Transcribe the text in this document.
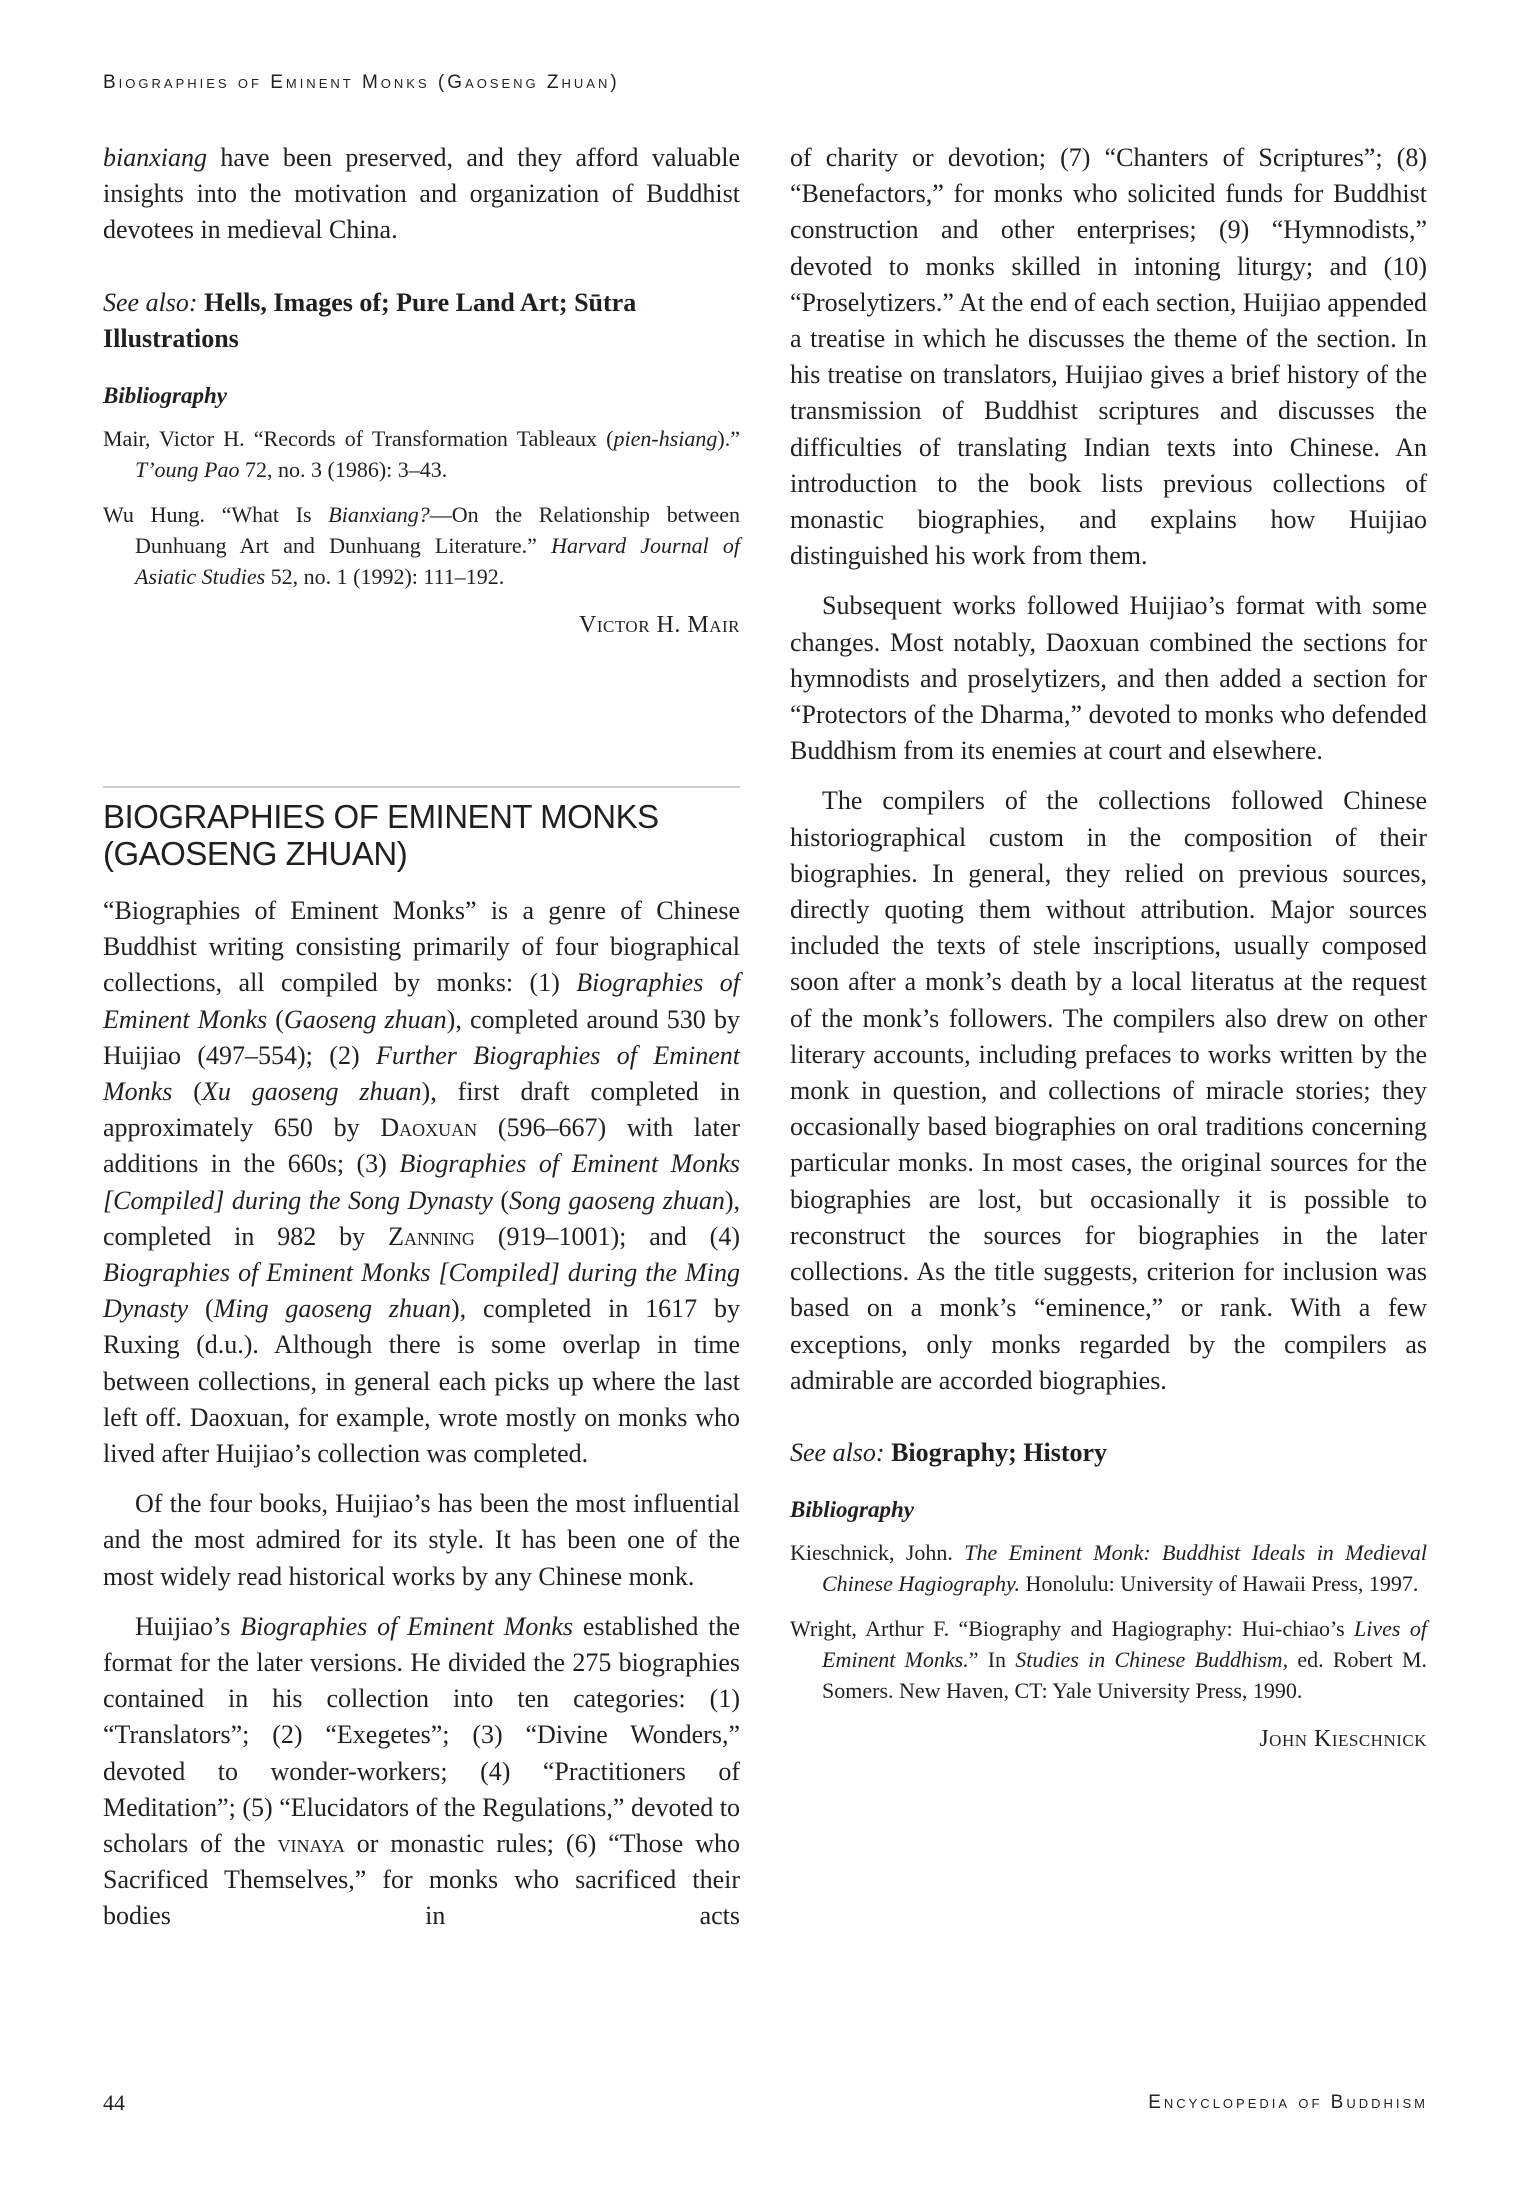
Biographies of Eminent Monks (Gaoseng Zhuan)

bianxiang have been preserved, and they afford valuable insights into the motivation and organization of Buddhist devotees in medieval China.

See also: Hells, Images of; Pure Land Art; Sūtra Illustrations
Bibliography
Mair, Victor H. “Records of Transformation Tableaux (pien-hsiang).” T’oung Pao 72, no. 3 (1986): 3–43.
Wu Hung. “What Is Bianxiang?—On the Relationship between Dunhuang Art and Dunhuang Literature.” Harvard Journal of Asiatic Studies 52, no. 1 (1992): 111–192.
Victor H. Mair
BIOGRAPHIES OF EMINENT MONKS (GAOSENG ZHUAN)

“Biographies of Eminent Monks” is a genre of Chinese Buddhist writing consisting primarily of four biographical collections, all compiled by monks: (1) Biographies of Eminent Monks (Gaoseng zhuan), completed around 530 by Huijiao (497–554); (2) Further Biographies of Eminent Monks (Xu gaoseng zhuan), first draft completed in approximately 650 by Daoxuan (596–667) with later additions in the 660s; (3) Biographies of Eminent Monks [Compiled] during the Song Dynasty (Song gaoseng zhuan), completed in 982 by Zanning (919–1001); and (4) Biographies of Eminent Monks [Compiled] during the Ming Dynasty (Ming gaoseng zhuan), completed in 1617 by Ruxing (d.u.). Although there is some overlap in time between collections, in general each picks up where the last left off. Daoxuan, for example, wrote mostly on monks who lived after Huijiao’s collection was completed.

Of the four books, Huijiao’s has been the most influential and the most admired for its style. It has been one of the most widely read historical works by any Chinese monk.

Huijiao’s Biographies of Eminent Monks established the format for the later versions. He divided the 275 biographies contained in his collection into ten categories: (1) “Translators”; (2) “Exegetes”; (3) “Divine Wonders,” devoted to wonder-workers; (4) “Practitioners of Meditation”; (5) “Elucidators of the Regulations,” devoted to scholars of the vinaya or monastic rules; (6) “Those who Sacrificed Themselves,” for monks who sacrificed their bodies in acts

of charity or devotion; (7) “Chanters of Scriptures”; (8) “Benefactors,” for monks who solicited funds for Buddhist construction and other enterprises; (9) “Hymnodists,” devoted to monks skilled in intoning liturgy; and (10) “Proselytizers.” At the end of each section, Huijiao appended a treatise in which he discusses the theme of the section. In his treatise on translators, Huijiao gives a brief history of the transmission of Buddhist scriptures and discusses the difficulties of translating Indian texts into Chinese. An introduction to the book lists previous collections of monastic biographies, and explains how Huijiao distinguished his work from them.

Subsequent works followed Huijiao’s format with some changes. Most notably, Daoxuan combined the sections for hymnodists and proselytizers, and then added a section for “Protectors of the Dharma,” devoted to monks who defended Buddhism from its enemies at court and elsewhere.

The compilers of the collections followed Chinese historiographical custom in the composition of their biographies. In general, they relied on previous sources, directly quoting them without attribution. Major sources included the texts of stele inscriptions, usually composed soon after a monk’s death by a local literatus at the request of the monk’s followers. The compilers also drew on other literary accounts, including prefaces to works written by the monk in question, and collections of miracle stories; they occasionally based biographies on oral traditions concerning particular monks. In most cases, the original sources for the biographies are lost, but occasionally it is possible to reconstruct the sources for biographies in the later collections. As the title suggests, criterion for inclusion was based on a monk’s “eminence,” or rank. With a few exceptions, only monks regarded by the compilers as admirable are accorded biographies.

See also: Biography; History
Bibliography
Kieschnick, John. The Eminent Monk: Buddhist Ideals in Medieval Chinese Hagiography. Honolulu: University of Hawaii Press, 1997.
Wright, Arthur F. “Biography and Hagiography: Hui-chiao’s Lives of Eminent Monks.” In Studies in Chinese Buddhism, ed. Robert M. Somers. New Haven, CT: Yale University Press, 1990.
John Kieschnick
44	Encyclopedia of Buddhism
